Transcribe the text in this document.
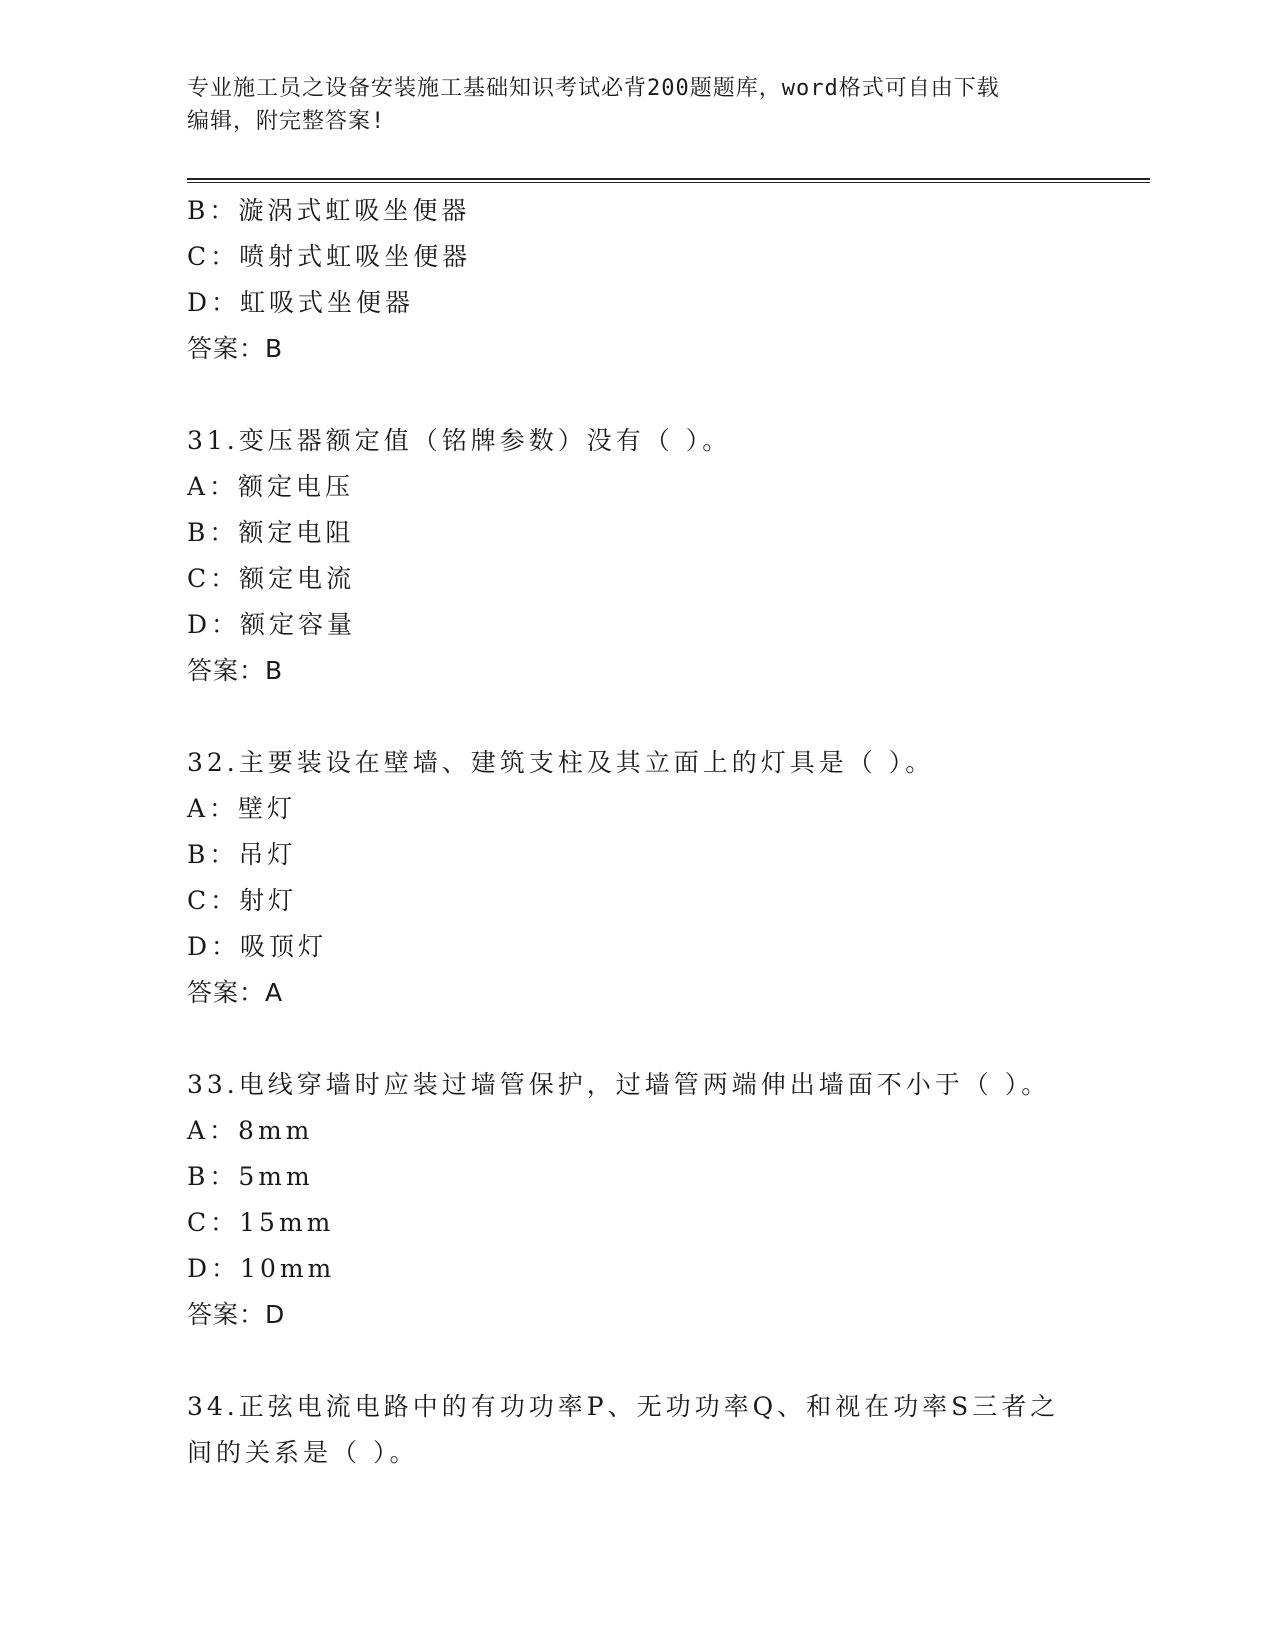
专业施工员之设备安装施工基础知识考试必背200题题库，word格式可自由下载
编辑，附完整答案!
B：漩涡式虹吸坐便器
C：喷射式虹吸坐便器
D：虹吸式坐便器
答案：B
31.变压器额定值（铭牌参数）没有（ ）。
A：额定电压
B：额定电阻
C：额定电流
D：额定容量
答案：B
32.主要装设在壁墙、建筑支柱及其立面上的灯具是（ ）。
A：壁灯
B：吊灯
C：射灯
D：吸顶灯
答案：A
33.电线穿墙时应装过墙管保护，过墙管两端伸出墙面不小于（ ）。
A：8mm
B：5mm
C：15mm
D：10mm
答案：D
34.正弦电流电路中的有功功率P、无功功率Q、和视在功率S三者之
间的关系是（ ）。
